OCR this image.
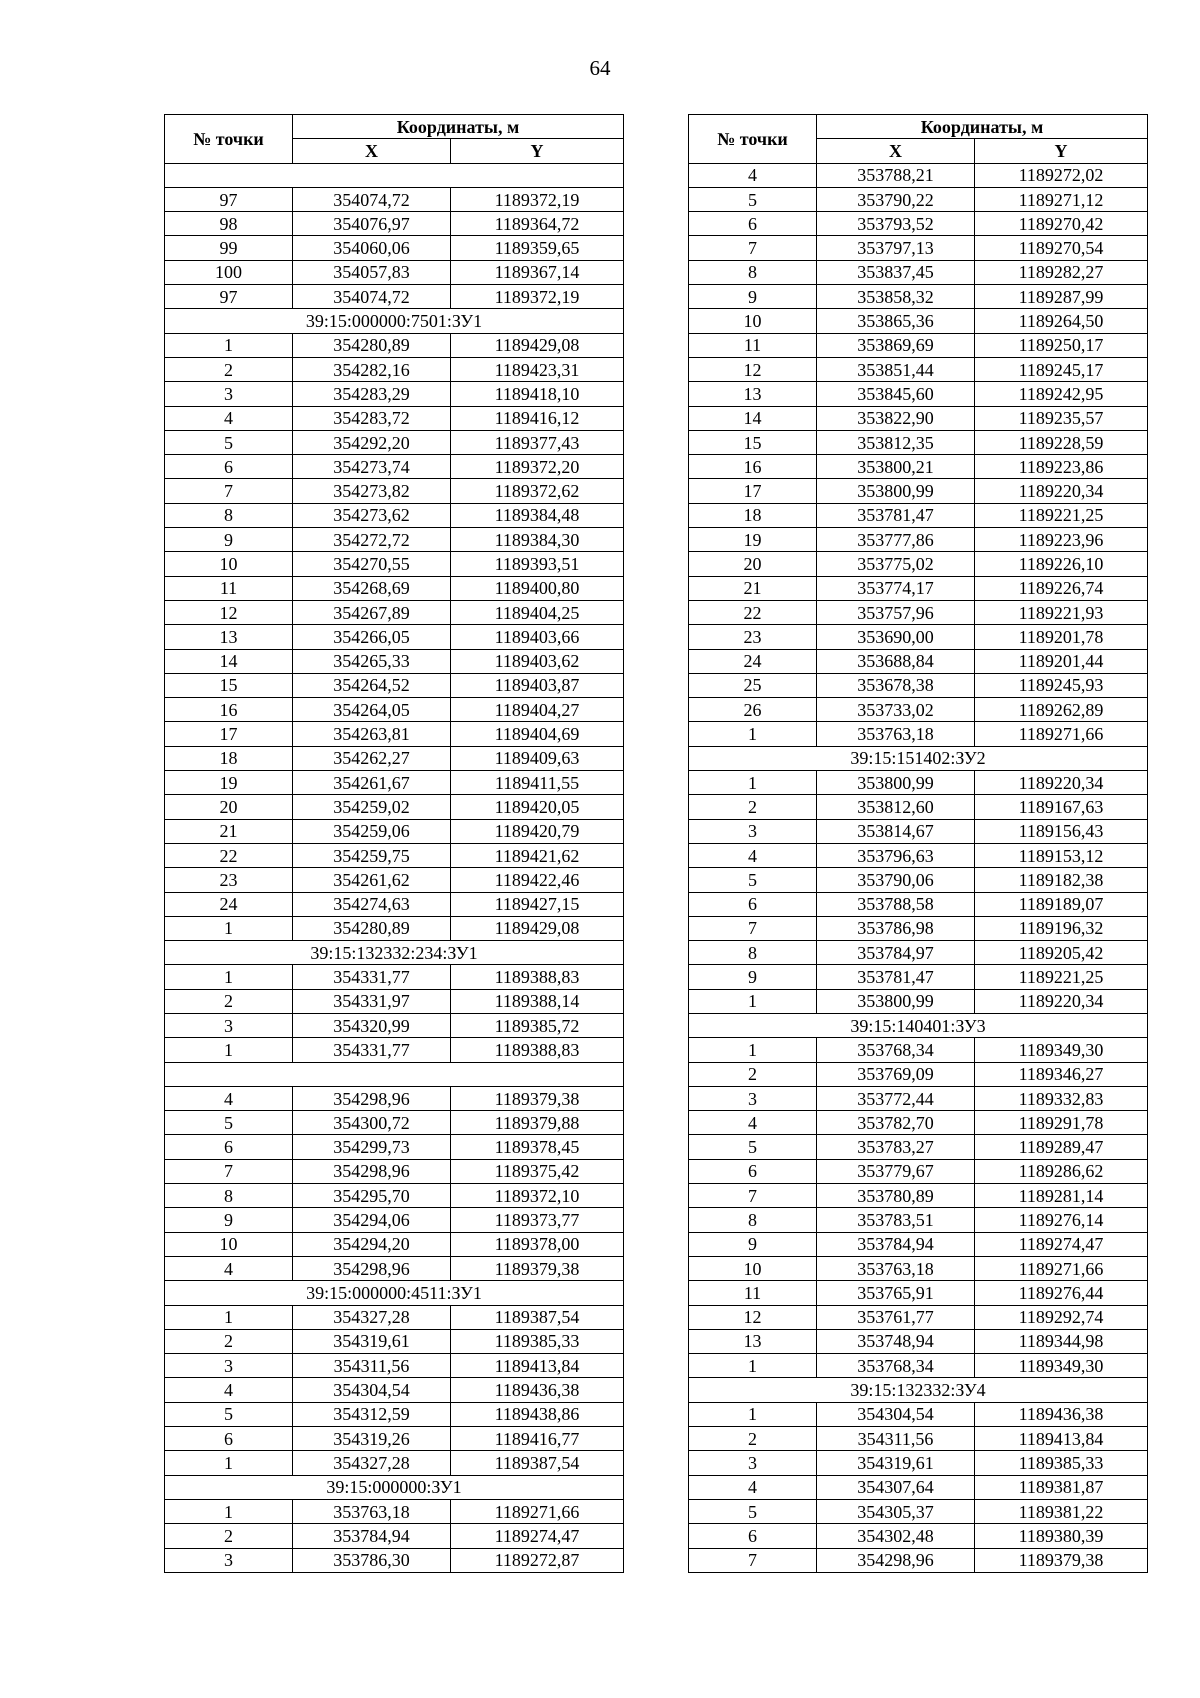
64
№ точки	Координаты, м	
	X	Y

97	354074,72	1189372,19
98	354076,97	1189364,72
99	354060,06	1189359,65
100	354057,83	1189367,14
97	354074,72	1189372,19
39:15:000000:7501:ЗУ1		
1	354280,89	1189429,08
2	354282,16	1189423,31
3	354283,29	1189418,10
4	354283,72	1189416,12
5	354292,20	1189377,43
6	354273,74	1189372,20
7	354273,82	1189372,62
8	354273,62	1189384,48
9	354272,72	1189384,30
10	354270,55	1189393,51
11	354268,69	1189400,80
12	354267,89	1189404,25
13	354266,05	1189403,66
14	354265,33	1189403,62
15	354264,52	1189403,87
16	354264,05	1189404,27
17	354263,81	1189404,69
18	354262,27	1189409,63
19	354261,67	1189411,55
20	354259,02	1189420,05
21	354259,06	1189420,79
22	354259,75	1189421,62
23	354261,62	1189422,46
24	354274,63	1189427,15
1	354280,89	1189429,08
39:15:132332:234:ЗУ1		
1	354331,77	1189388,83
2	354331,97	1189388,14
3	354320,99	1189385,72
1	354331,77	1189388,83

4	354298,96	1189379,38
5	354300,72	1189379,88
6	354299,73	1189378,45
7	354298,96	1189375,42
8	354295,70	1189372,10
9	354294,06	1189373,77
10	354294,20	1189378,00
4	354298,96	1189379,38
39:15:000000:4511:ЗУ1		
1	354327,28	1189387,54
2	354319,61	1189385,33
3	354311,56	1189413,84
4	354304,54	1189436,38
5	354312,59	1189438,86
6	354319,26	1189416,77
1	354327,28	1189387,54
39:15:000000:ЗУ1		
1	353763,18	1189271,66
2	353784,94	1189274,47
3	353786,30	1189272,87
№ точки	Координаты, м	
	X	Y
4	353788,21	1189272,02
5	353790,22	1189271,12
6	353793,52	1189270,42
7	353797,13	1189270,54
8	353837,45	1189282,27
9	353858,32	1189287,99
10	353865,36	1189264,50
11	353869,69	1189250,17
12	353851,44	1189245,17
13	353845,60	1189242,95
14	353822,90	1189235,57
15	353812,35	1189228,59
16	353800,21	1189223,86
17	353800,99	1189220,34
18	353781,47	1189221,25
19	353777,86	1189223,96
20	353775,02	1189226,10
21	353774,17	1189226,74
22	353757,96	1189221,93
23	353690,00	1189201,78
24	353688,84	1189201,44
25	353678,38	1189245,93
26	353733,02	1189262,89
1	353763,18	1189271,66
39:15:151402:ЗУ2		
1	353800,99	1189220,34
2	353812,60	1189167,63
3	353814,67	1189156,43
4	353796,63	1189153,12
5	353790,06	1189182,38
6	353788,58	1189189,07
7	353786,98	1189196,32
8	353784,97	1189205,42
9	353781,47	1189221,25
1	353800,99	1189220,34
39:15:140401:ЗУ3		
1	353768,34	1189349,30
2	353769,09	1189346,27
3	353772,44	1189332,83
4	353782,70	1189291,78
5	353783,27	1189289,47
6	353779,67	1189286,62
7	353780,89	1189281,14
8	353783,51	1189276,14
9	353784,94	1189274,47
10	353763,18	1189271,66
11	353765,91	1189276,44
12	353761,77	1189292,74
13	353748,94	1189344,98
1	353768,34	1189349,30
39:15:132332:ЗУ4		
1	354304,54	1189436,38
2	354311,56	1189413,84
3	354319,61	1189385,33
4	354307,64	1189381,87
5	354305,37	1189381,22
6	354302,48	1189380,39
7	354298,96	1189379,38
